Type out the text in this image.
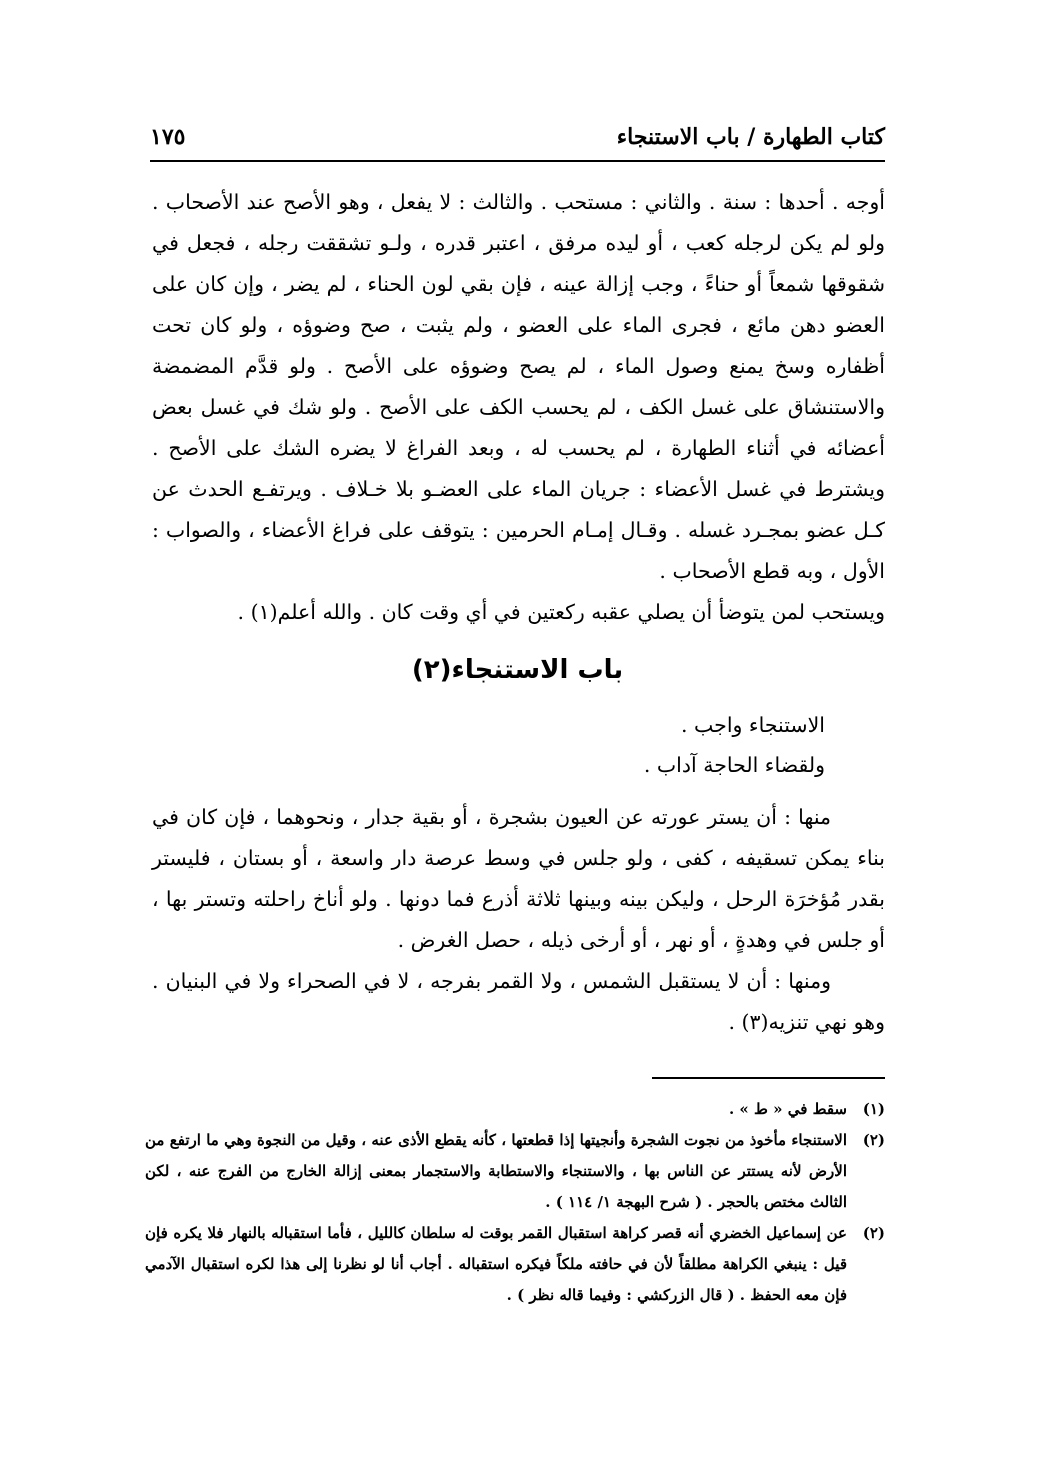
كتاب الطهارة / باب الاستنجاء
١٧٥

أوجه . أحدها : سنة . والثاني : مستحب . والثالث : لا يفعل ، وهو الأصح عند الأصحاب . ولو لم يكن لرجله كعب ، أو ليده مرفق ، اعتبر قدره ، ولـو تشققت رجله ، فجعل في شقوقها شمعاً أو حناءً ، وجب إزالة عينه ، فإن بقي لون الحناء ، لم يضر ، وإن كان على العضو دهن مائع ، فجرى الماء على العضو ، ولم يثبت ، صح وضوؤه ، ولو كان تحت أظفاره وسخ يمنع وصول الماء ، لم يصح وضوؤه على الأصح . ولو قدَّم المضمضة والاستنشاق على غسل الكف ، لم يحسب الكف على الأصح . ولو شك في غسل بعض أعضائه في أثناء الطهارة ، لم يحسب له ، وبعد الفراغ لا يضره الشك على الأصح . ويشترط في غسل الأعضاء : جريان الماء على العضـو بلا خـلاف . ويرتفـع الحدث عن كـل عضو بمجـرد غسله . وقـال إمـام الحرمين : يتوقف على فراغ الأعضاء ، والصواب : الأول ، وبه قطع الأصحاب .

ويستحب لمن يتوضأ أن يصلي عقبه ركعتين في أي وقت كان . والله أعلم(١) .

باب الاستنجاء(٢)

الاستنجاء واجب .

ولقضاء الحاجة آداب .

منها : أن يستر عورته عن العيون بشجرة ، أو بقية جدار ، ونحوهما ، فإن كان في بناء يمكن تسقيفه ، كفى ، ولو جلس في وسط عرصة دار واسعة ، أو بستان ، فليستر بقدر مُؤخرَة الرحل ، وليكن بينه وبينها ثلاثة أذرع فما دونها . ولو أناخ راحلته وتستر بها ، أو جلس في وهدةٍ ، أو نهر ، أو أرخى ذيله ، حصل الغرض .

ومنها : أن لا يستقبل الشمس ، ولا القمر بفرجه ، لا في الصحراء ولا في البنيان . وهو نهي تنزيه(٣) .

(١)
سقط في « ط » .
(٢)
الاستنجاء مأخوذ من نجوت الشجرة وأنجيتها إذا قطعتها ، كأنه يقطع الأذى عنه ، وقيل من النجوة وهي ما ارتفع من الأرض لأنه يستتر عن الناس بها ، والاستنجاء والاستطابة والاستجمار بمعنى إزالة الخارج من الفرج عنه ، لكن الثالث مختص بالحجر . ( شرح البهجة ١/ ١١٤ ) .
(٢)
عن إسماعيل الخضري أنه قصر كراهة استقبال القمر بوقت له سلطان كالليل ، فأما استقباله بالنهار فلا يكره فإن قيل : ينبغي الكراهة مطلقاً لأن في حافته ملكاً فيكره استقباله . أجاب أنا لو نظرنا إلى هذا لكره استقبال الآدمي فإن معه الحفظ . ( قال الزركشي : وفيما قاله نظر ) .
